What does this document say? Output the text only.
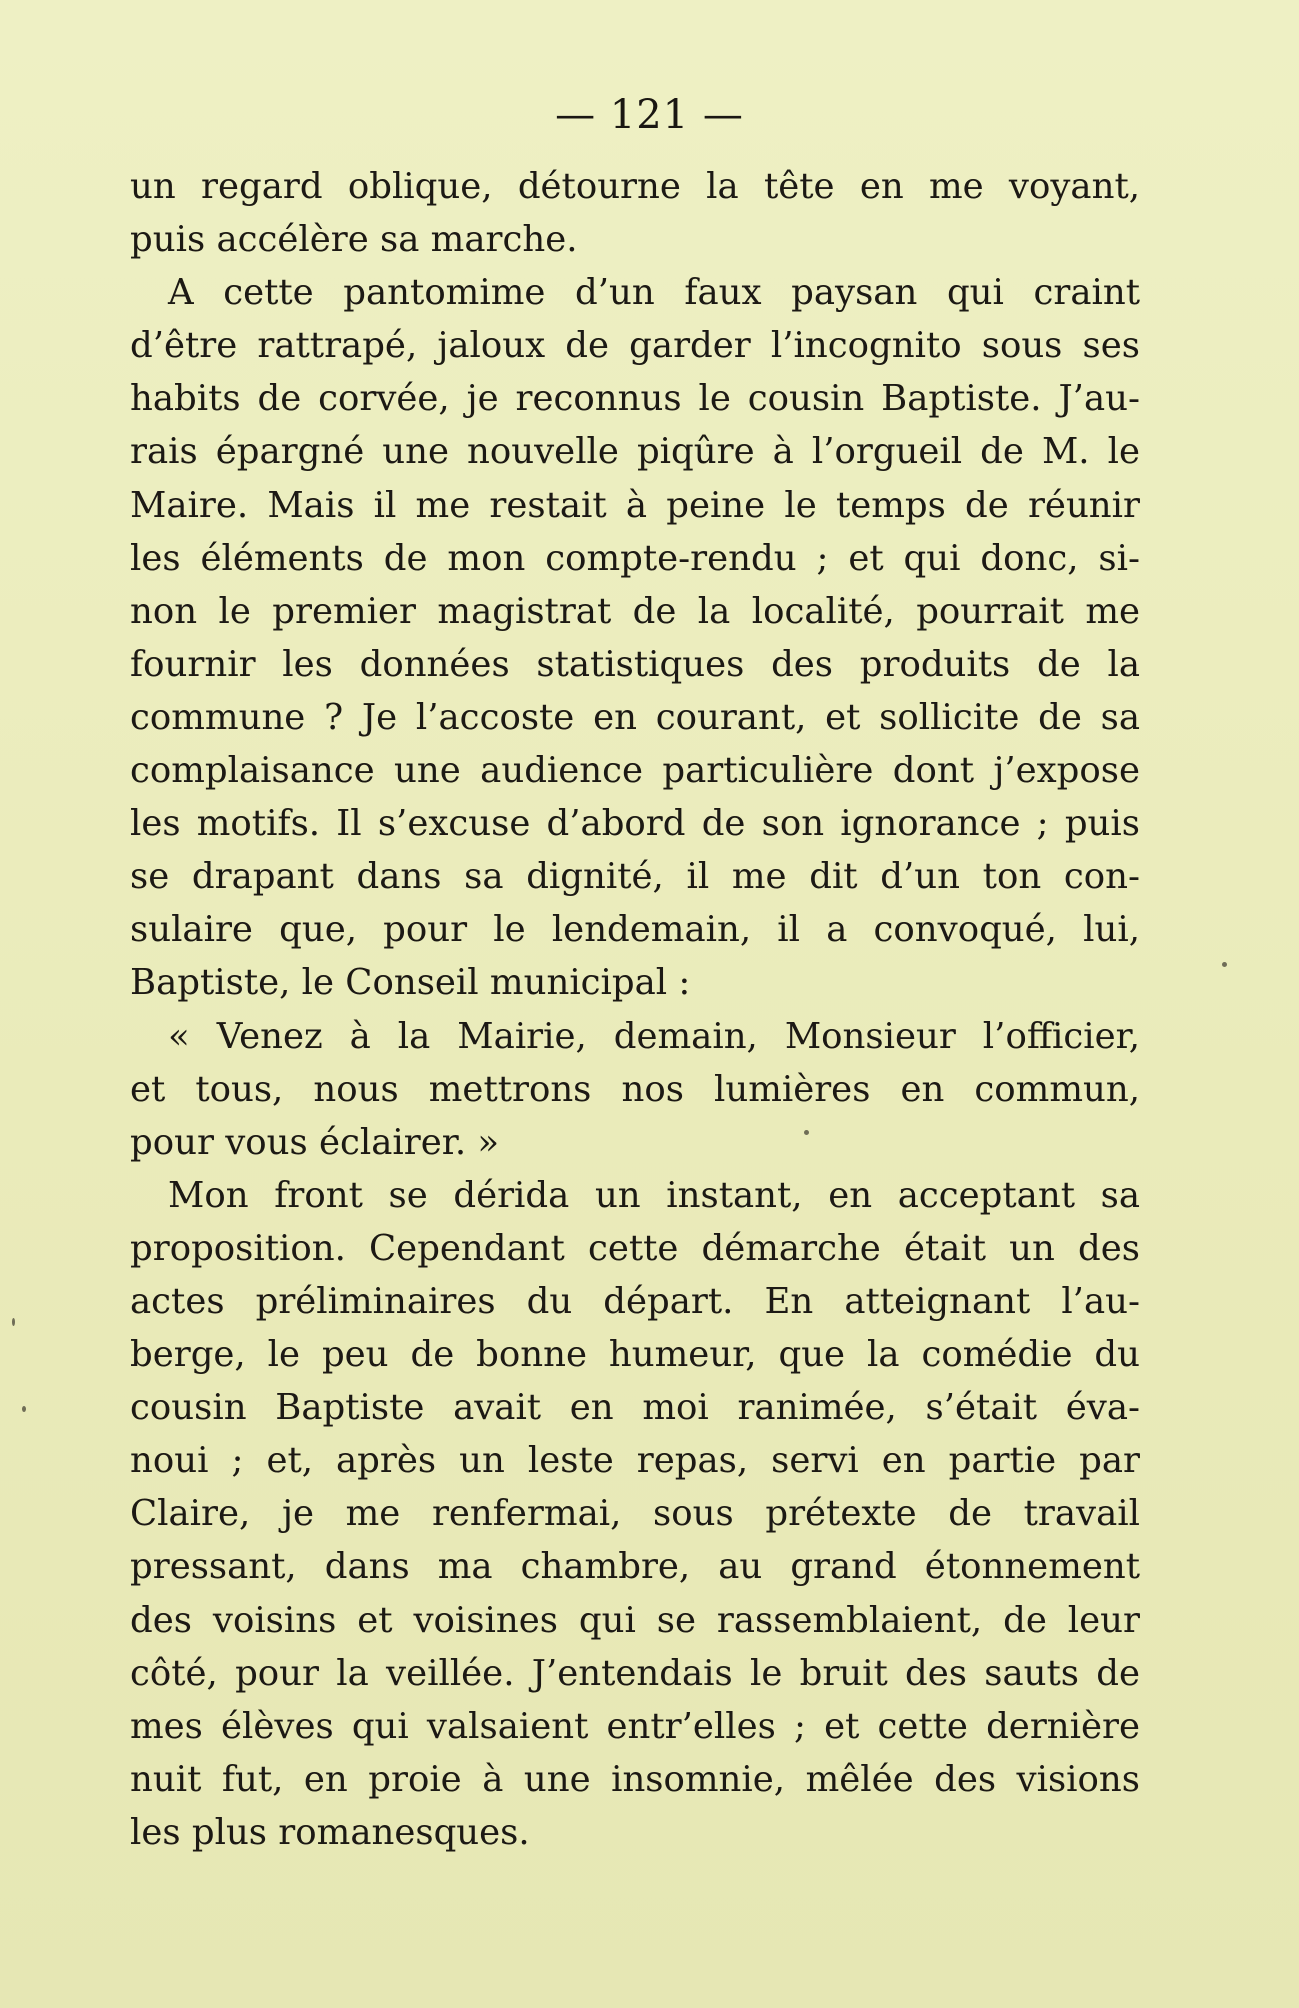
— 121 —
un regard oblique, détourne la tête en me voyant,
puis accélère sa marche.
A cette pantomime d’un faux paysan qui craint
d’être rattrapé, jaloux de garder l’incognito sous ses
habits de corvée, je reconnus le cousin Baptiste. J’au-
rais épargné une nouvelle piqûre à l’orgueil de M. le
Maire. Mais il me restait à peine le temps de réunir
les éléments de mon compte-rendu ; et qui donc, si-
non le premier magistrat de la localité, pourrait me
fournir les données statistiques des produits de la
commune ? Je l’accoste en courant, et sollicite de sa
complaisance une audience particulière dont j’expose
les motifs. Il s’excuse d’abord de son ignorance ; puis
se drapant dans sa dignité, il me dit d’un ton con-
sulaire que, pour le lendemain, il a convoqué, lui,
Baptiste, le Conseil municipal :
« Venez à la Mairie, demain, Monsieur l’officier,
et tous, nous mettrons nos lumières en commun,
pour vous éclairer. »
Mon front se dérida un instant, en acceptant sa
proposition. Cependant cette démarche était un des
actes préliminaires du départ. En atteignant l’au-
berge, le peu de bonne humeur, que la comédie du
cousin Baptiste avait en moi ranimée, s’était éva-
noui ; et, après un leste repas, servi en partie par
Claire, je me renfermai, sous prétexte de travail
pressant, dans ma chambre, au grand étonnement
des voisins et voisines qui se rassemblaient, de leur
côté, pour la veillée. J’entendais le bruit des sauts de
mes élèves qui valsaient entr’elles ; et cette dernière
nuit fut, en proie à une insomnie, mêlée des visions
les plus romanesques.
